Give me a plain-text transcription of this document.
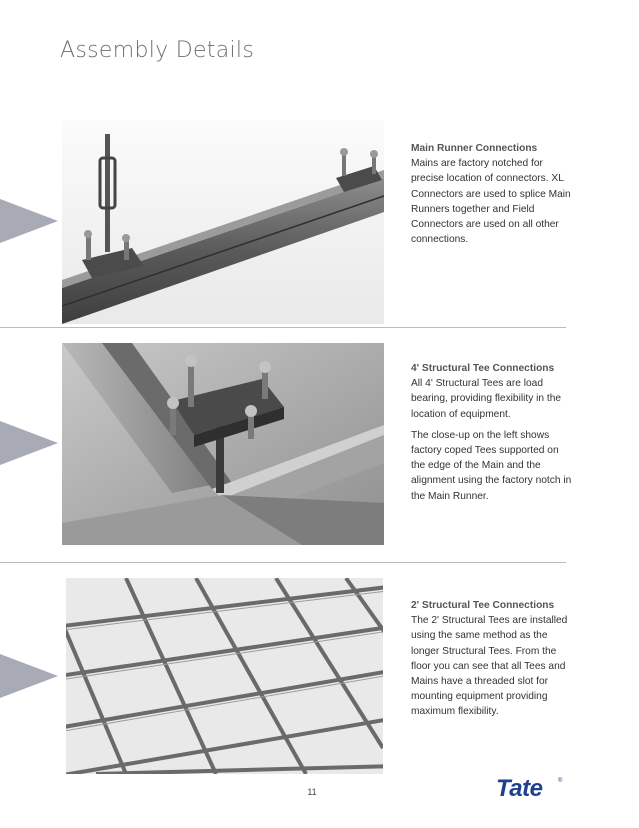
Assembly Details
Main Runner Connections

Mains are factory notched for precise location of connectors. XL Connectors are used to splice Main Runners together and Field Connectors are used on all other connections.

4' Structural Tee Connections

All 4' Structural Tees are load bearing, providing flexibility in the location of equipment.

The close-up on the left shows factory coped Tees supported on the edge of the Main and the alignment using the factory notch in the Main Runner.

2' Structural Tee Connections

The 2' Structural Tees are installed using the same method as the longer Structural Tees. From the floor you can see that all Tees and Mains have a threaded slot for mounting equipment providing maximum flexibility.

11	Tate	®
